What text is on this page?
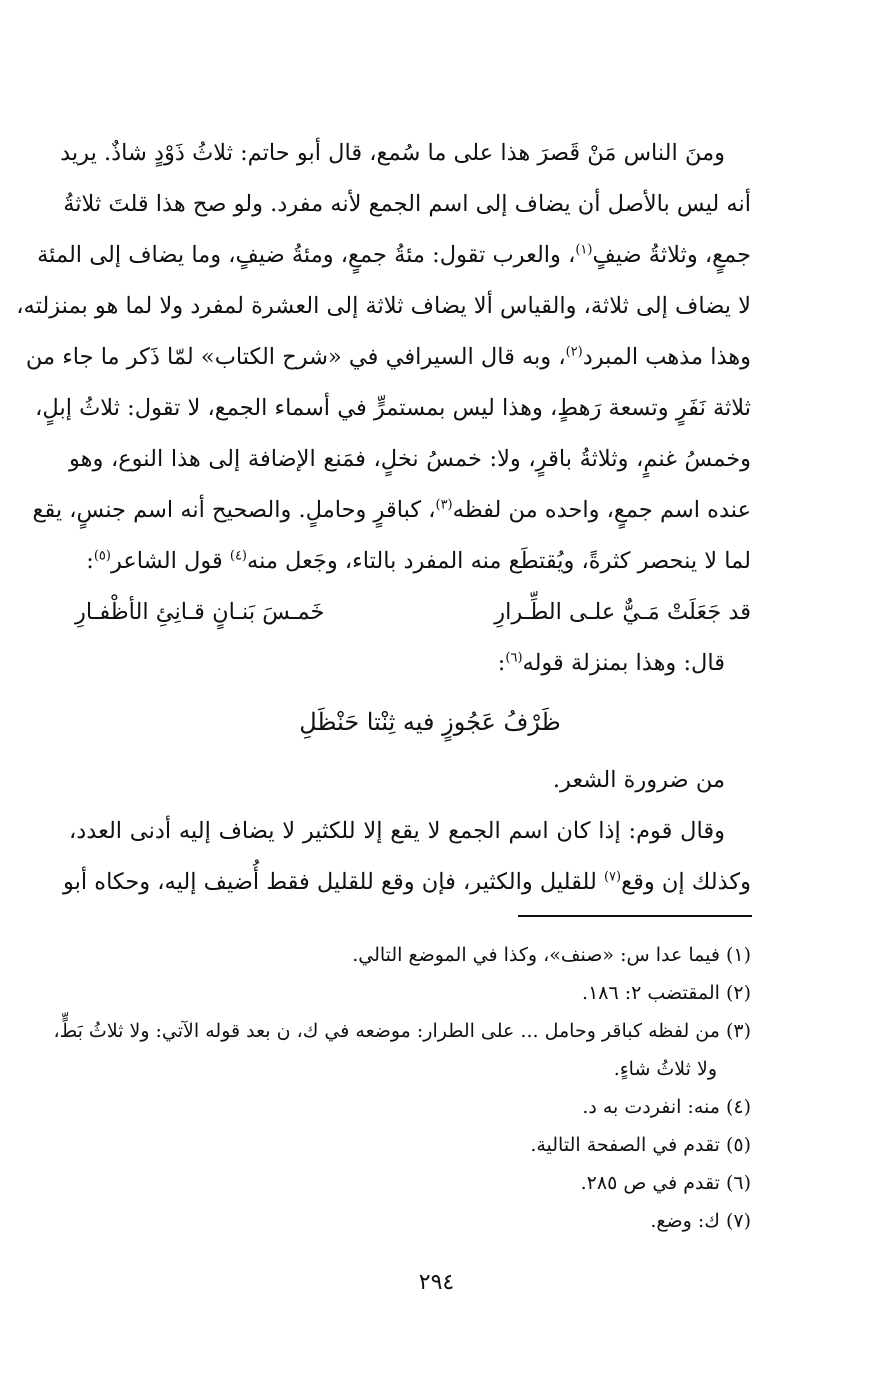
ومنَ الناس مَنْ قَصرَ هذا على ما سُمع، قال أبو حاتم: ثلاثُ ذَوْدٍ شاذٌ. يريد
أنه ليس بالأصل أن يضاف إلى اسم الجمع لأنه مفرد. ولو صح هذا قلتَ ثلاثةُ
جمعٍ، وثلاثةُ ضيفٍ$^{(١)}$، والعرب تقول: مئةُ جمعٍ، ومئةُ ضيفٍ، وما يضاف إلى المئة
لا يضاف إلى ثلاثة، والقياس ألا يضاف ثلاثة إلى العشرة لمفرد ولا لما هو بمنزلته،
وهذا مذهب المبرد$^{(٢)}$، وبه قال السيرافي في «شرح الكتاب» لمّا ذَكر ما جاء من
ثلاثة نَفَرٍ وتسعة رَهطٍ، وهذا ليس بمستمرٍّ في أسماء الجمع، لا تقول: ثلاثُ إبلٍ،
وخمسُ غنمٍ، وثلاثةُ باقرٍ، ولا: خمسُ نخلٍ، فمَنع الإضافة إلى هذا النوع، وهو
عنده اسم جمعٍ، واحده من لفظه$^{(٣)}$، كباقرٍ وحاملٍ. والصحيح أنه اسم جنسٍ، يقع
لما لا ينحصر كثرةً، ويُقتطَع منه المفرد بالتاء، وجَعل منه$^{(٤)}$ قول الشاعر$^{(٥)}$:
قد جَعَلَتْ مَـيٌّ علـى الطِّـرارِ
خَمـسَ بَنـانٍ قـانِئِ الأظْفـارِ
قال: وهذا بمنزلة قوله$^{(٦)}$:
ظَرْفُ عَجُوزٍ فيه ثِنْتا حَنْظَلِ
من ضرورة الشعر.
وقال قوم: إذا كان اسم الجمع لا يقع إلا للكثير لا يضاف إليه أدنى العدد،
وكذلك إن وقع$^{(٧)}$ للقليل والكثير، فإن وقع للقليل فقط أُضيف إليه، وحكاه أبو
(١)فيما عدا س: «صنف»، وكذا في الموضع التالي.
(٢)المقتضب ٢: ١٨٦.
(٣)من لفظه كباقر وحامل ... على الطرار: موضعه في ك، ن بعد قوله الآتي: ولا ثلاثُ بَطٍّ،
ولا ثلاثُ شاءٍ.
(٤)منه: انفردت به د.
(٥)تقدم في الصفحة التالية.
(٦)تقدم في ص ٢٨٥.
(٧)ك: وضع.
٢٩٤
